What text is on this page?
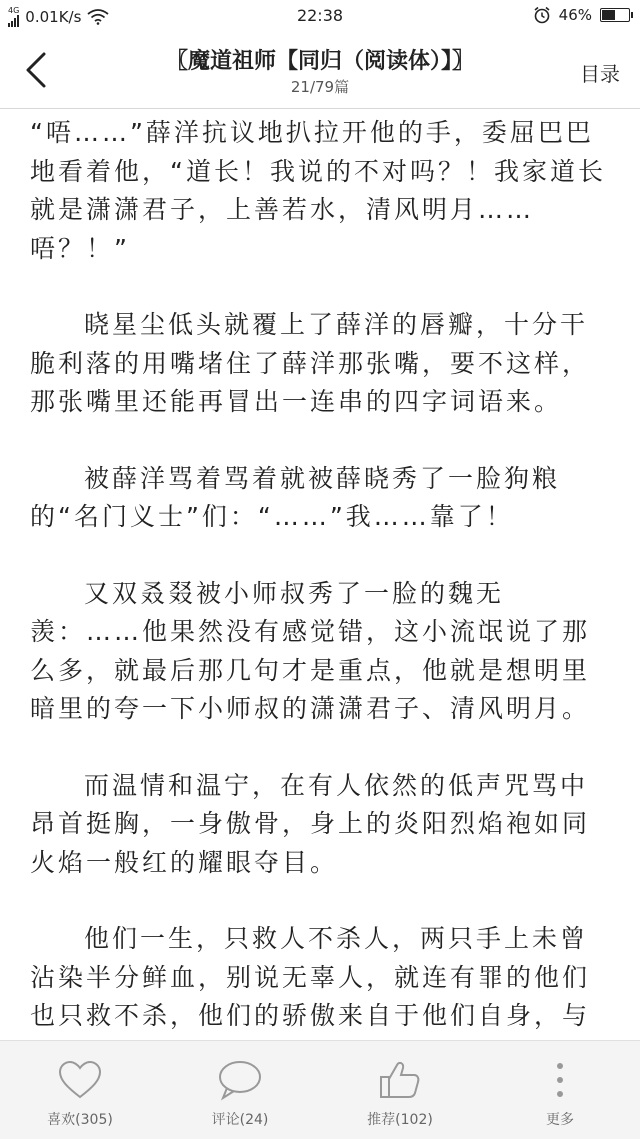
4G 0.01K/s	22:38	46%
〖魔道祖师【同归（阅读体）】〗
21/79篇
目录

“唔……”薛洋抗议地扒拉开他的手，委屈巴巴地看着他，“道长！我说的不对吗？！我家道长就是潇潇君子，上善若水，清风明月……唔？！”

晓星尘低头就覆上了薛洋的唇瓣，十分干脆利落的用嘴堵住了薛洋那张嘴，要不这样，那张嘴里还能再冒出一连串的四字词语来。

被薛洋骂着骂着就被薛晓秀了一脸狗粮的“名门义士”们：“……”我……靠了！

又双叒叕被小师叔秀了一脸的魏无羡：……他果然没有感觉错，这小流氓说了那么多，就最后那几句才是重点，他就是想明里暗里的夸一下小师叔的潇潇君子、清风明月。

而温情和温宁，在有人依然的低声咒骂中昂首挺胸，一身傲骨，身上的炎阳烈焰袍如同火焰一般红的耀眼夺目。

他们一生，只救人不杀人，两只手上未曾沾染半分鲜血，别说无辜人，就连有罪的他们也只救不杀，他们的骄傲来自于他们自身，与

喜欢(305)	评论(24)	推荐(102)	更多
